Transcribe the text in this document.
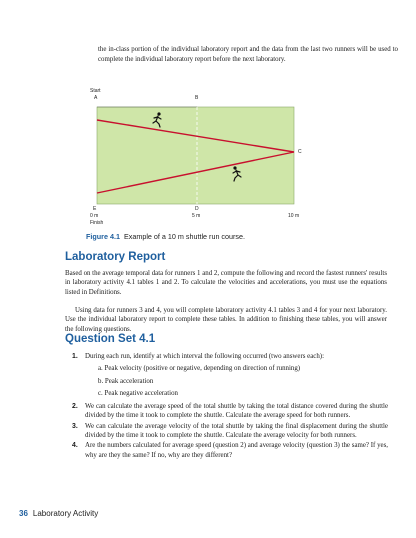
the in-class portion of the individual laboratory report and the data from the last two runners will be used to complete the individual laboratory report before the next laboratory.
Start
A	B
C
D
E
0 m	5 m	10 m
Finish
Figure 4.1 Example of a 10 m shuttle run course.
Laboratory Report
Based on the average temporal data for runners 1 and 2, compute the following and record the fastest runners' results in laboratory activity 4.1 tables 1 and 2. To calculate the velocities and accelerations, you must use the equations listed in Definitions.
Using data for runners 3 and 4, you will complete laboratory activity 4.1 tables 3 and 4 for your next laboratory. Use the individual laboratory report to complete these tables. In addition to finishing these tables, you will answer the following questions.
Question Set 4.1
1. During each run, identify at which interval the following occurred (two answers each):
a. Peak velocity (positive or negative, depending on direction of running)
b. Peak acceleration
c. Peak negative acceleration
2. We can calculate the average speed of the total shuttle by taking the total distance covered during the shuttle divided by the time it took to complete the shuttle. Calculate the average speed for both runners.
3. We can calculate the average velocity of the total shuttle by taking the final displacement during the shuttle divided by the time it took to complete the shuttle. Calculate the average velocity for both runners.
4. Are the numbers calculated for average speed (question 2) and average velocity (question 3) the same? If yes, why are they the same? If no, why are they different?
36 Laboratory Activity
